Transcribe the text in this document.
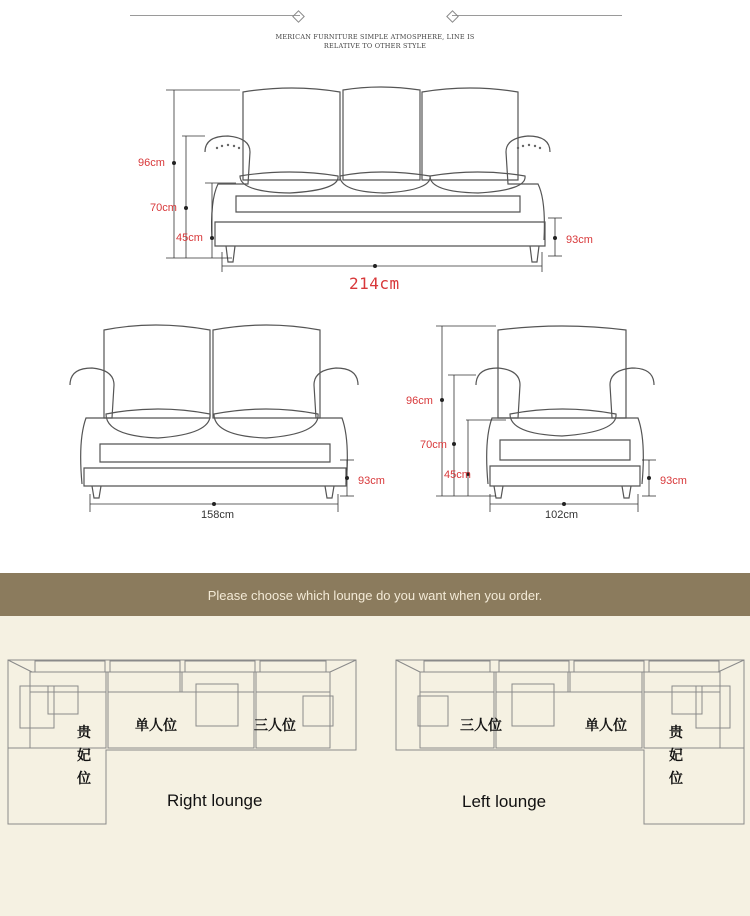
MERICAN FURNITURE SIMPLE ATMOSPHERE, LINE IS
RELATIVE TO OTHER STYLE
96cm
70cm
45cm	93cm
214cm
93cm
158cm
96cm
70cm
45cm	93cm
102cm
Please choose which lounge do you want when you order.
贵
妃
位
单人位	三人位
Right lounge
三人位	单人位	贵
妃
位
Left lounge
